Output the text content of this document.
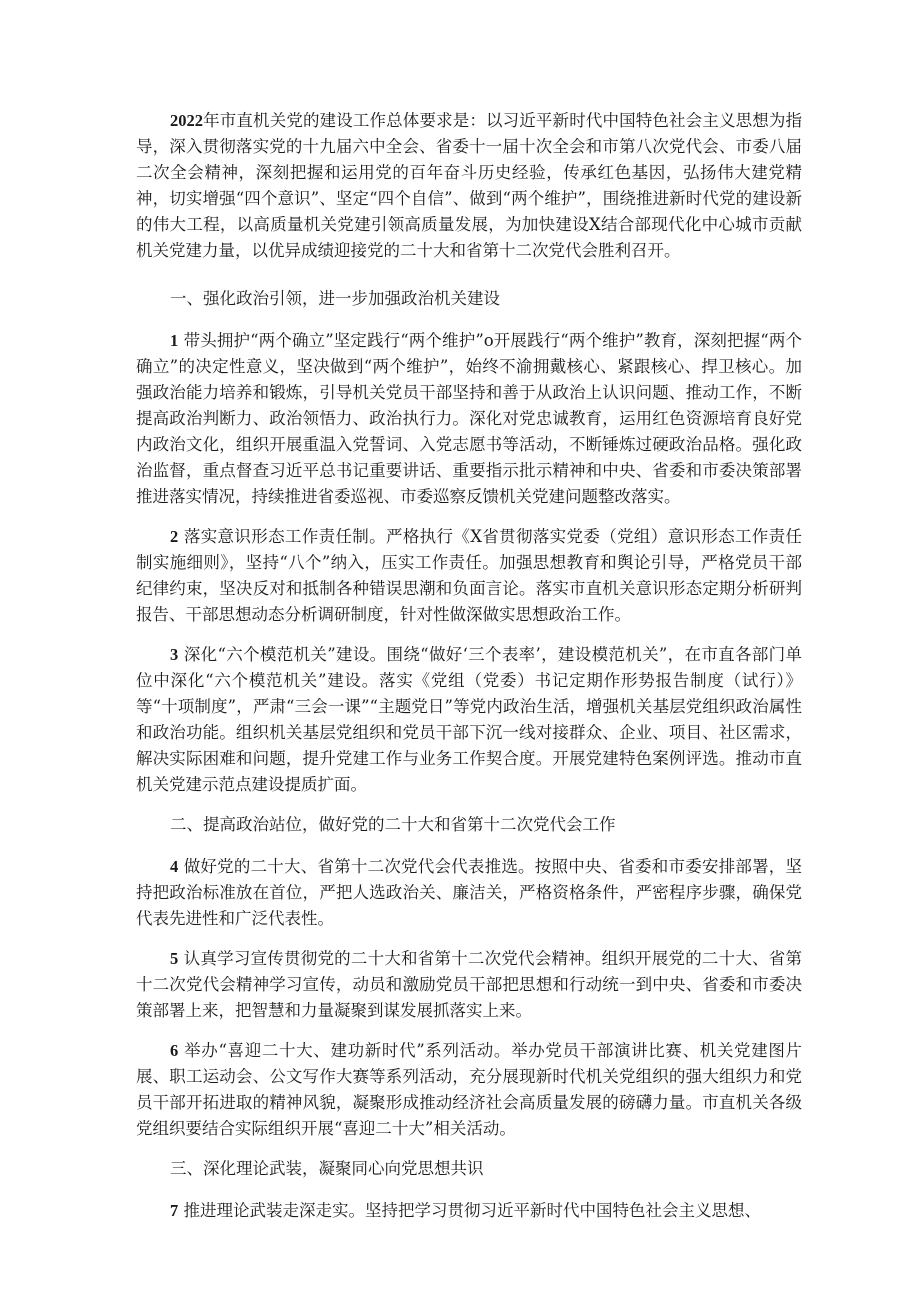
2022年市直机关党的建设工作总体要求是：以习近平新时代中国特色社会主义思想为指导，深入贯彻落实党的十九届六中全会、省委十一届十次全会和市第八次党代会、市委八届二次全会精神，深刻把握和运用党的百年奋斗历史经验，传承红色基因，弘扬伟大建党精神，切实增强“四个意识”、坚定“四个自信”、做到“两个维护”，围绕推进新时代党的建设新的伟大工程，以高质量机关党建引领高质量发展，为加快建设X结合部现代化中心城市贡献机关党建力量，以优异成绩迎接党的二十大和省第十二次党代会胜利召开。

一、强化政治引领，进一步加强政治机关建设

1 带头拥护“两个确立”坚定践行“两个维护”o开展践行“两个维护”教育，深刻把握“两个确立”的决定性意义，坚决做到“两个维护”，始终不渝拥戴核心、紧跟核心、捍卫核心。加强政治能力培养和锻炼，引导机关党员干部坚持和善于从政治上认识问题、推动工作，不断提高政治判断力、政治领悟力、政治执行力。深化对党忠诚教育，运用红色资源培育良好党内政治文化，组织开展重温入党誓词、入党志愿书等活动，不断锤炼过硬政治品格。强化政治监督，重点督查习近平总书记重要讲话、重要指示批示精神和中央、省委和市委决策部署推进落实情况，持续推进省委巡视、市委巡察反馈机关党建问题整改落实。

2 落实意识形态工作责任制。严格执行《X省贯彻落实党委（党组）意识形态工作责任制实施细则》，坚持“八个”纳入，压实工作责任。加强思想教育和舆论引导，严格党员干部纪律约束，坚决反对和抵制各种错误思潮和负面言论。落实市直机关意识形态定期分析研判报告、干部思想动态分析调研制度，针对性做深做实思想政治工作。

3 深化“六个模范机关”建设。围绕“做好‘三个表率’，建设模范机关”，在市直各部门单位中深化“六个模范机关”建设。落实《党组（党委）书记定期作形势报告制度（试行）》等“十项制度”，严肃“三会一课”“主题党日”等党内政治生活，增强机关基层党组织政治属性和政治功能。组织机关基层党组织和党员干部下沉一线对接群众、企业、项目、社区需求，解决实际困难和问题，提升党建工作与业务工作契合度。开展党建特色案例评选。推动市直机关党建示范点建设提质扩面。

二、提高政治站位，做好党的二十大和省第十二次党代会工作

4 做好党的二十大、省第十二次党代会代表推选。按照中央、省委和市委安排部署，坚持把政治标准放在首位，严把人选政治关、廉洁关，严格资格条件，严密程序步骤，确保党代表先进性和广泛代表性。

5 认真学习宣传贯彻党的二十大和省第十二次党代会精神。组织开展党的二十大、省第十二次党代会精神学习宣传，动员和激励党员干部把思想和行动统一到中央、省委和市委决策部署上来，把智慧和力量凝聚到谋发展抓落实上来。

6 举办“喜迎二十大、建功新时代”系列活动。举办党员干部演讲比赛、机关党建图片展、职工运动会、公文写作大赛等系列活动，充分展现新时代机关党组织的强大组织力和党员干部开拓进取的精神风貌，凝聚形成推动经济社会高质量发展的磅礴力量。市直机关各级党组织要结合实际组织开展“喜迎二十大”相关活动。

三、深化理论武装，凝聚同心向党思想共识

7 推进理论武装走深走实。坚持把学习贯彻习近平新时代中国特色社会主义思想、
